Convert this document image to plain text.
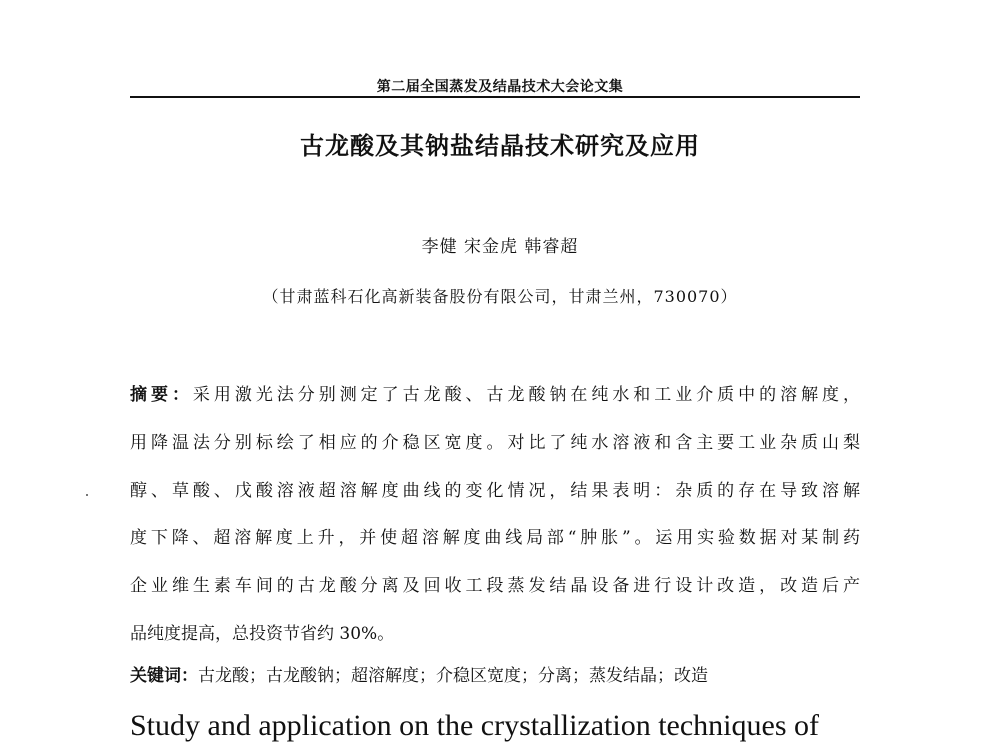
第二届全国蒸发及结晶技术大会论文集
古龙酸及其钠盐结晶技术研究及应用
李健 宋金虎 韩睿超
（甘肃蓝科石化高新装备股份有限公司，甘肃兰州，730070）
摘要：采用激光法分别测定了古龙酸、古龙酸钠在纯水和工业介质中的溶解度，
用降温法分别标绘了相应的介稳区宽度。对比了纯水溶液和含主要工业杂质山梨
醇、草酸、戊酸溶液超溶解度曲线的变化情况，结果表明：杂质的存在导致溶解
度下降、超溶解度上升，并使超溶解度曲线局部“肿胀”。运用实验数据对某制药
企业维生素车间的古龙酸分离及回收工段蒸发结晶设备进行设计改造，改造后产
品纯度提高，总投资节省约 30%。
关键词：古龙酸；古龙酸钠；超溶解度；介稳区宽度；分离；蒸发结晶；改造
Study and application on the crystallization techniques of
